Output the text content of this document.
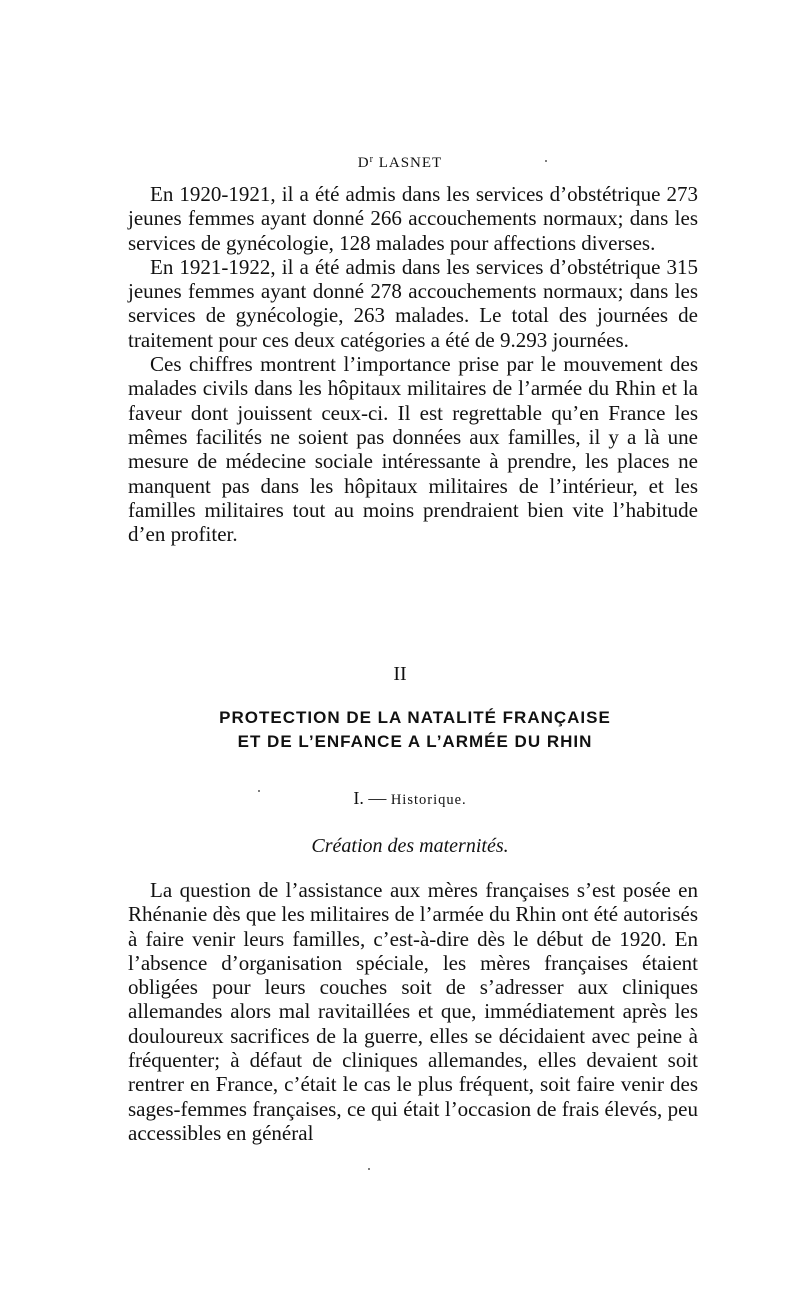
$D^r$ LASNET

En 1920-1921, il a été admis dans les services d’obstétrique 273 jeunes femmes ayant donné 266 accouchements normaux; dans les services de gynécologie, 128 malades pour affections diverses.

En 1921-1922, il a été admis dans les services d’obstétrique 315 jeunes femmes ayant donné 278 accouchements normaux; dans les services de gynécologie, 263 malades. Le total des journées de traitement pour ces deux catégories a été de 9.293 journées.

Ces chiffres montrent l’importance prise par le mouvement des malades civils dans les hôpitaux militaires de l’armée du Rhin et la faveur dont jouissent ceux-ci. Il est regrettable qu’en France les mêmes facilités ne soient pas données aux familles, il y a là une mesure de médecine sociale intéressante à prendre, les places ne manquent pas dans les hôpitaux militaires de l’intérieur, et les familles militaires tout au moins prendraient bien vite l’habitude d’en profiter.

II
PROTECTION DE LA NATALITÉ FRANÇAISE
ET DE L’ENFANCE A L’ARMÉE DU RHIN
I. — Historique.
Création des maternités.

La question de l’assistance aux mères françaises s’est posée en Rhénanie dès que les militaires de l’armée du Rhin ont été autorisés à faire venir leurs familles, c’est-à-dire dès le début de 1920. En l’absence d’organisation spéciale, les mères françaises étaient obligées pour leurs couches soit de s’adresser aux cliniques allemandes alors mal ravitaillées et que, immédiatement après les douloureux sacrifices de la guerre, elles se décidaient avec peine à fréquenter; à défaut de cliniques allemandes, elles devaient soit rentrer en France, c’était le cas le plus fréquent, soit faire venir des sages-femmes françaises, ce qui était l’occasion de frais élevés, peu accessibles en général
